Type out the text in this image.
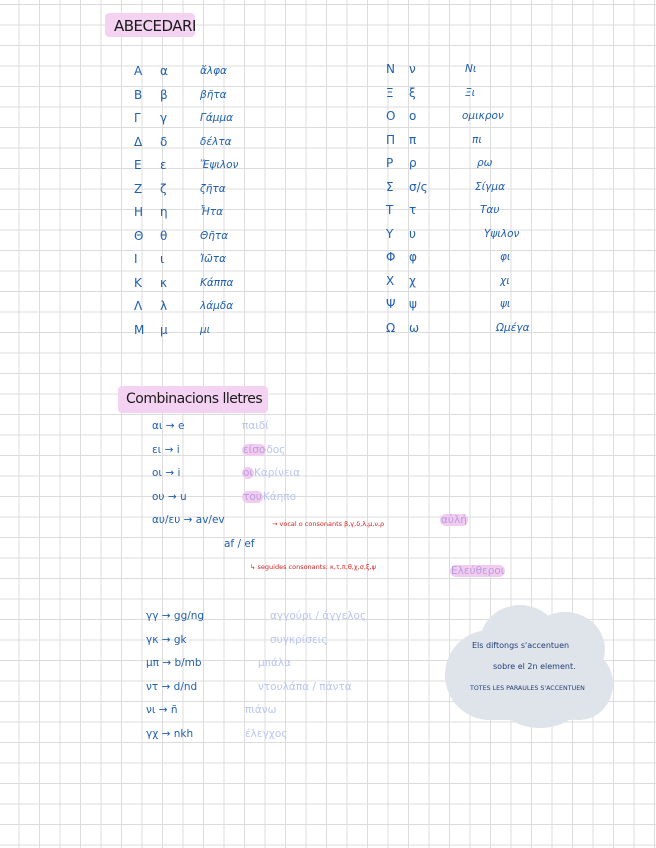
ABECEDARI
Α α	ἄλφα
Β β	βῆτα
Γ γ	Γάμμα
Δ δ	δέλτα
Ε ε	Ἔψιλον
Ζ ζ	ζῆτα
Η η	Ἦτα
Θ θ	Θῆτα
Ι ι	Ἰῶτα
Κ κ	Κάππα
Λ λ	λάμδα
Μ μ	μι
Ν ν	Νι
Ξ ξ	Ξι
Ο ο	ομικρον
Π π	πι
Ρ ρ	ρω
Σ σ/ς	Σίγμα
Τ τ	Ταυ
Υ υ	Υψιλον
Φ φ	φι
Χ χ	χι
Ψ ψ	ψι
Ω ω	Ωμέγα
Combinacions lletres
αι → e	παιδί
ει → i	είσοδος
οι → i	οιΚαρίνεια
ου → u	τουΚάηπο
αυ/ευ → av/ev	αὐλή
→ vocal o consonants β,γ,δ,λ,μ,ν,ρ
af / ef
↳ seguides consonants: κ,τ,π,θ,χ,σ,ξ,ψ	Ελεύθεροι
γγ → gg/ng	αγγούρι / άγγελος
γκ → gk	συγκρίσεις
μπ → b/mb	μπάλα
ντ → d/nd	ντουλάπα / πάντα
νι → ñ	πιάνω
γχ → nkh	έλεγχος
Els diftongs s'accentuen
sobre el 2n element.
TOTES LES PARAULES S'ACCENTUEN
